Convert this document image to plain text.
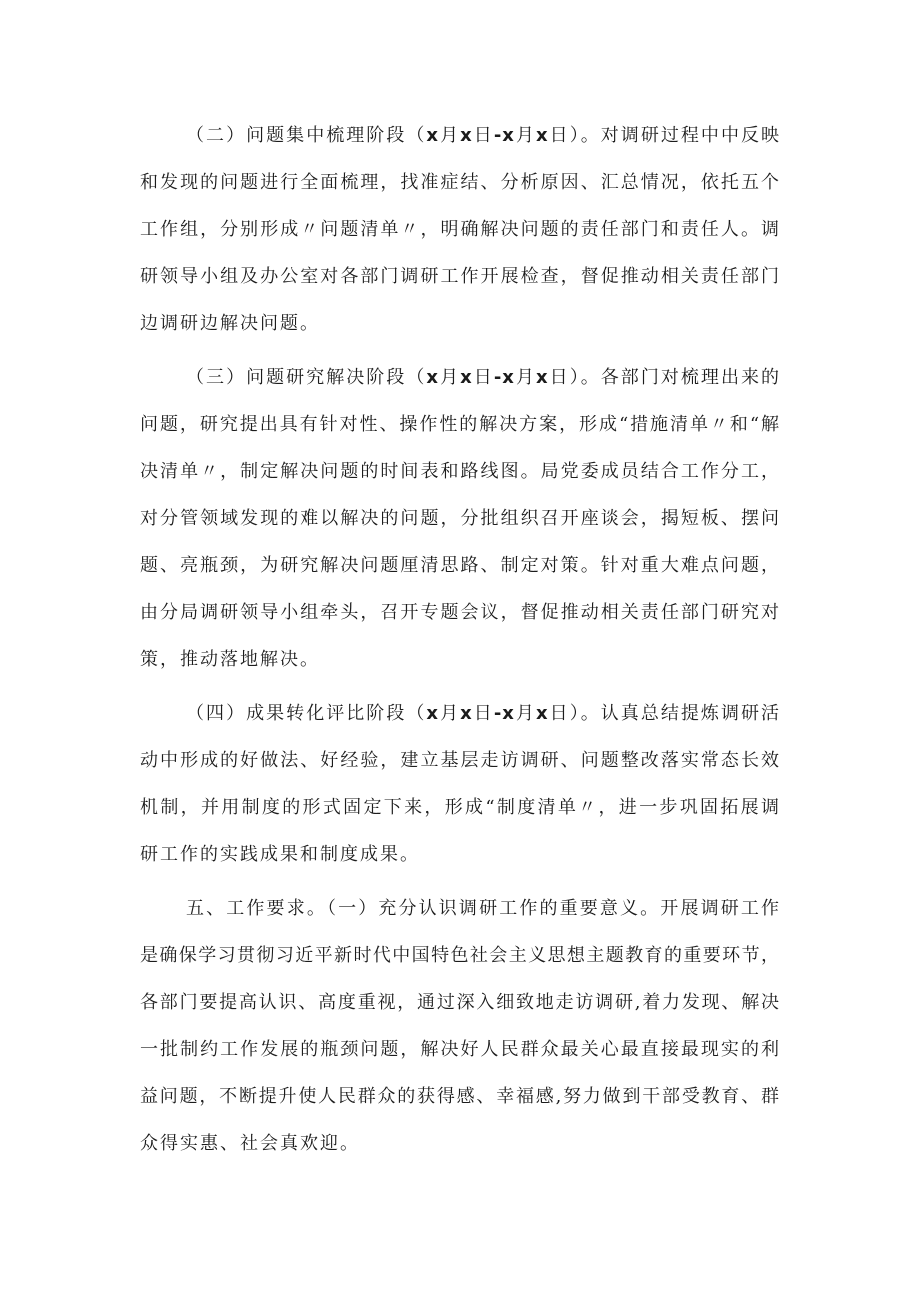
（二）问题集中梳理阶段（x月x日-x月x日）。对调研过程中中反映
和发现的问题进行全面梳理，找准症结、分析原因、汇总情况，依托五个
工作组，分别形成〃问题清单〃，明确解决问题的责任部门和责任人。调
研领导小组及办公室对各部门调研工作开展检查，督促推动相关责任部门
边调研边解决问题。
（三）问题研究解决阶段（x月x日-x月x日）。各部门对梳理出来的
问题，研究提出具有针对性、操作性的解决方案，形成“措施清单〃和“解
决清单〃，制定解决问题的时间表和路线图。局党委成员结合工作分工，
对分管领域发现的难以解决的问题，分批组织召开座谈会，揭短板、摆问
题、亮瓶颈，为研究解决问题厘清思路、制定对策。针对重大难点问题，
由分局调研领导小组牵头，召开专题会议，督促推动相关责任部门研究对
策，推动落地解决。
（四）成果转化评比阶段（x月x日-x月x日）。认真总结提炼调研活
动中形成的好做法、好经验，建立基层走访调研、问题整改落实常态长效
机制，并用制度的形式固定下来，形成“制度清单〃，进一步巩固拓展调
研工作的实践成果和制度成果。
五、工作要求。（一）充分认识调研工作的重要意义。开展调研工作
是确保学习贯彻习近平新时代中国特色社会主义思想主题教育的重要环节，
各部门要提高认识、高度重视，通过深入细致地走访调研,着力发现、解决
一批制约工作发展的瓶颈问题，解决好人民群众最关心最直接最现实的利
益问题，不断提升使人民群众的获得感、幸福感,努力做到干部受教育、群
众得实惠、社会真欢迎。
